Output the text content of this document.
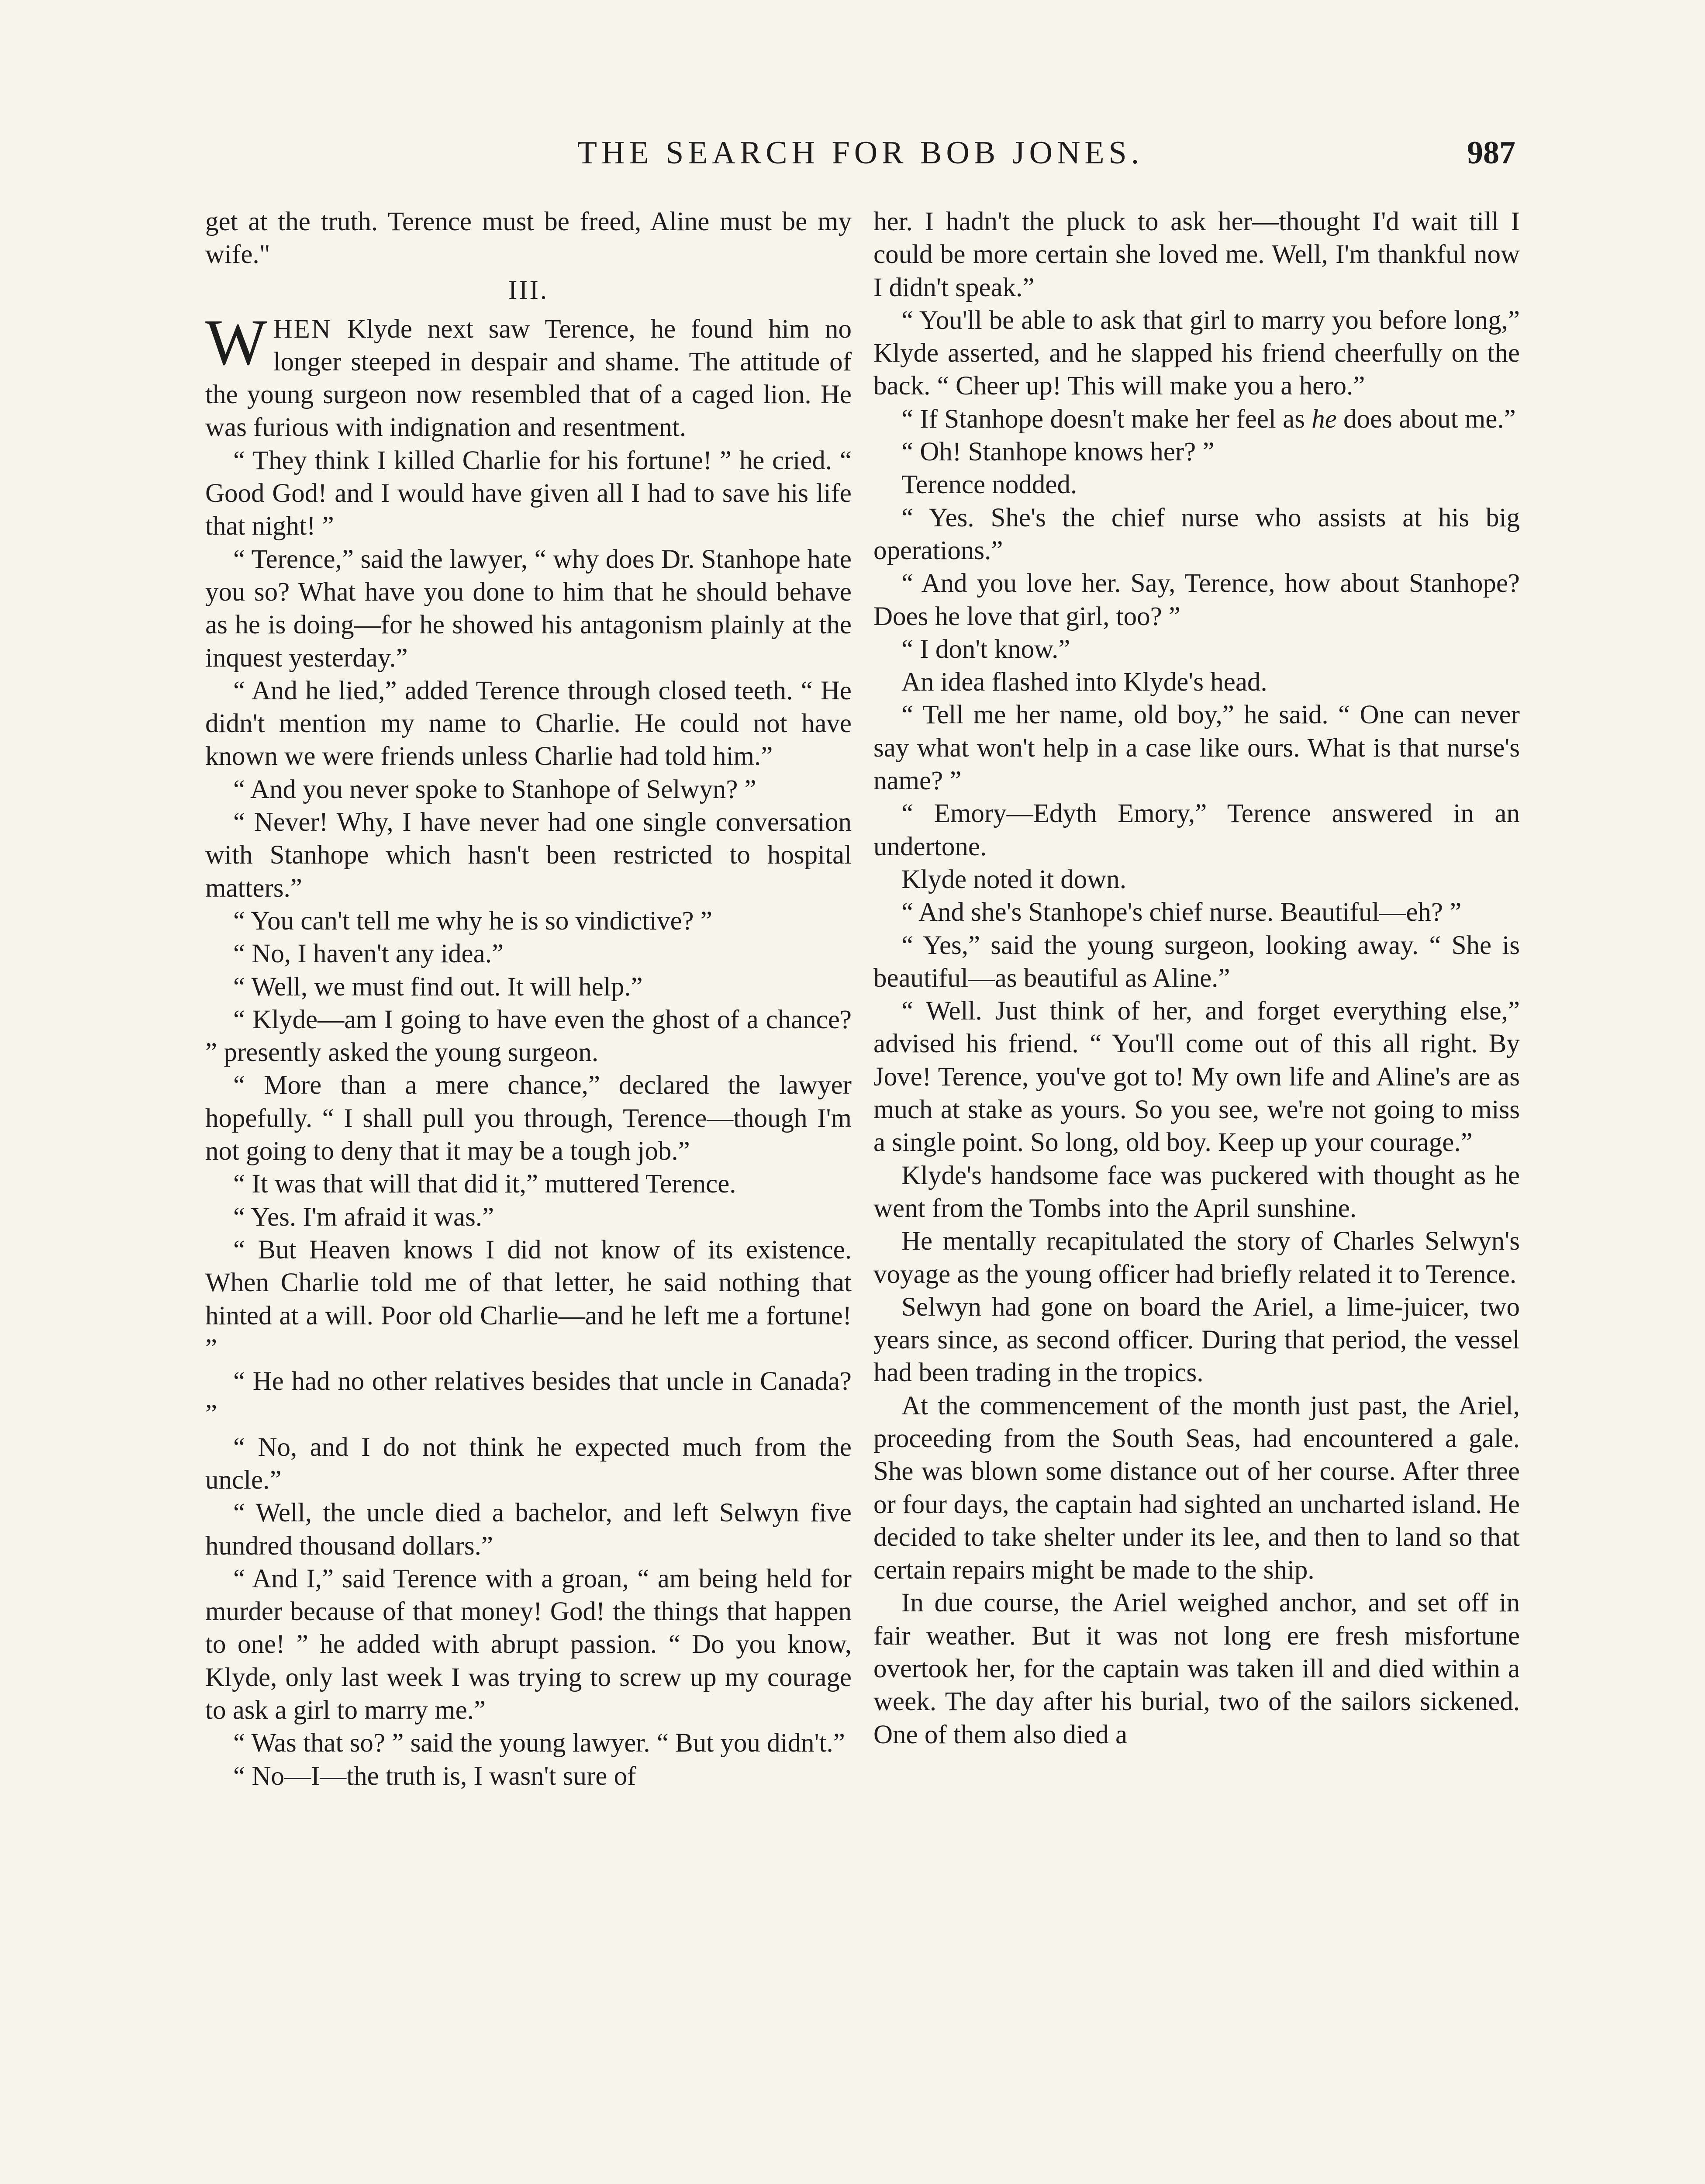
THE SEARCH FOR BOB JONES.	987

get at the truth. Terence must be freed, Aline must be my wife."

III.

WHEN Klyde next saw Terence, he found him no longer steeped in despair and shame. The attitude of the young surgeon now resembled that of a caged lion. He was furious with indignation and resentment.

“ They think I killed Charlie for his fortune! ” he cried. “ Good God! and I would have given all I had to save his life that night! ”

“ Terence,” said the lawyer, “ why does Dr. Stanhope hate you so? What have you done to him that he should behave as he is doing—for he showed his antagonism plainly at the inquest yesterday.”

“ And he lied,” added Terence through closed teeth. “ He didn't mention my name to Charlie. He could not have known we were friends unless Charlie had told him.”

“ And you never spoke to Stanhope of Selwyn? ”

“ Never! Why, I have never had one single conversation with Stanhope which hasn't been restricted to hospital matters.”

“ You can't tell me why he is so vindictive? ”

“ No, I haven't any idea.”

“ Well, we must find out. It will help.”

“ Klyde—am I going to have even the ghost of a chance? ” presently asked the young surgeon.

“ More than a mere chance,” declared the lawyer hopefully. “ I shall pull you through, Terence—though I'm not going to deny that it may be a tough job.”

“ It was that will that did it,” muttered Terence.

“ Yes. I'm afraid it was.”

“ But Heaven knows I did not know of its existence. When Charlie told me of that letter, he said nothing that hinted at a will. Poor old Charlie—and he left me a fortune! ”

“ He had no other relatives besides that uncle in Canada? ”

“ No, and I do not think he expected much from the uncle.”

“ Well, the uncle died a bachelor, and left Selwyn five hundred thousand dollars.”

“ And I,” said Terence with a groan, “ am being held for murder because of that money! God! the things that happen to one! ” he added with abrupt passion. “ Do you know, Klyde, only last week I was trying to screw up my courage to ask a girl to marry me.”

“ Was that so? ” said the young lawyer. “ But you didn't.”

“ No—I—the truth is, I wasn't sure of

her. I hadn't the pluck to ask her—thought I'd wait till I could be more certain she loved me. Well, I'm thankful now I didn't speak.”

“ You'll be able to ask that girl to marry you before long,” Klyde asserted, and he slapped his friend cheerfully on the back. “ Cheer up! This will make you a hero.”

“ If Stanhope doesn't make her feel as he does about me.”

“ Oh! Stanhope knows her? ”

Terence nodded.

“ Yes. She's the chief nurse who assists at his big operations.”

“ And you love her. Say, Terence, how about Stanhope? Does he love that girl, too? ”

“ I don't know.”

An idea flashed into Klyde's head.

“ Tell me her name, old boy,” he said. “ One can never say what won't help in a case like ours. What is that nurse's name? ”

“ Emory—Edyth Emory,” Terence answered in an undertone.

Klyde noted it down.

“ And she's Stanhope's chief nurse. Beautiful—eh? ”

“ Yes,” said the young surgeon, looking away. “ She is beautiful—as beautiful as Aline.”

“ Well. Just think of her, and forget everything else,” advised his friend. “ You'll come out of this all right. By Jove! Terence, you've got to! My own life and Aline's are as much at stake as yours. So you see, we're not going to miss a single point. So long, old boy. Keep up your courage.”

Klyde's handsome face was puckered with thought as he went from the Tombs into the April sunshine.

He mentally recapitulated the story of Charles Selwyn's voyage as the young officer had briefly related it to Terence.

Selwyn had gone on board the Ariel, a lime-juicer, two years since, as second officer. During that period, the vessel had been trading in the tropics.

At the commencement of the month just past, the Ariel, proceeding from the South Seas, had encountered a gale. She was blown some distance out of her course. After three or four days, the captain had sighted an uncharted island. He decided to take shelter under its lee, and then to land so that certain repairs might be made to the ship.

In due course, the Ariel weighed anchor, and set off in fair weather. But it was not long ere fresh misfortune overtook her, for the captain was taken ill and died within a week. The day after his burial, two of the sailors sickened. One of them also died a
